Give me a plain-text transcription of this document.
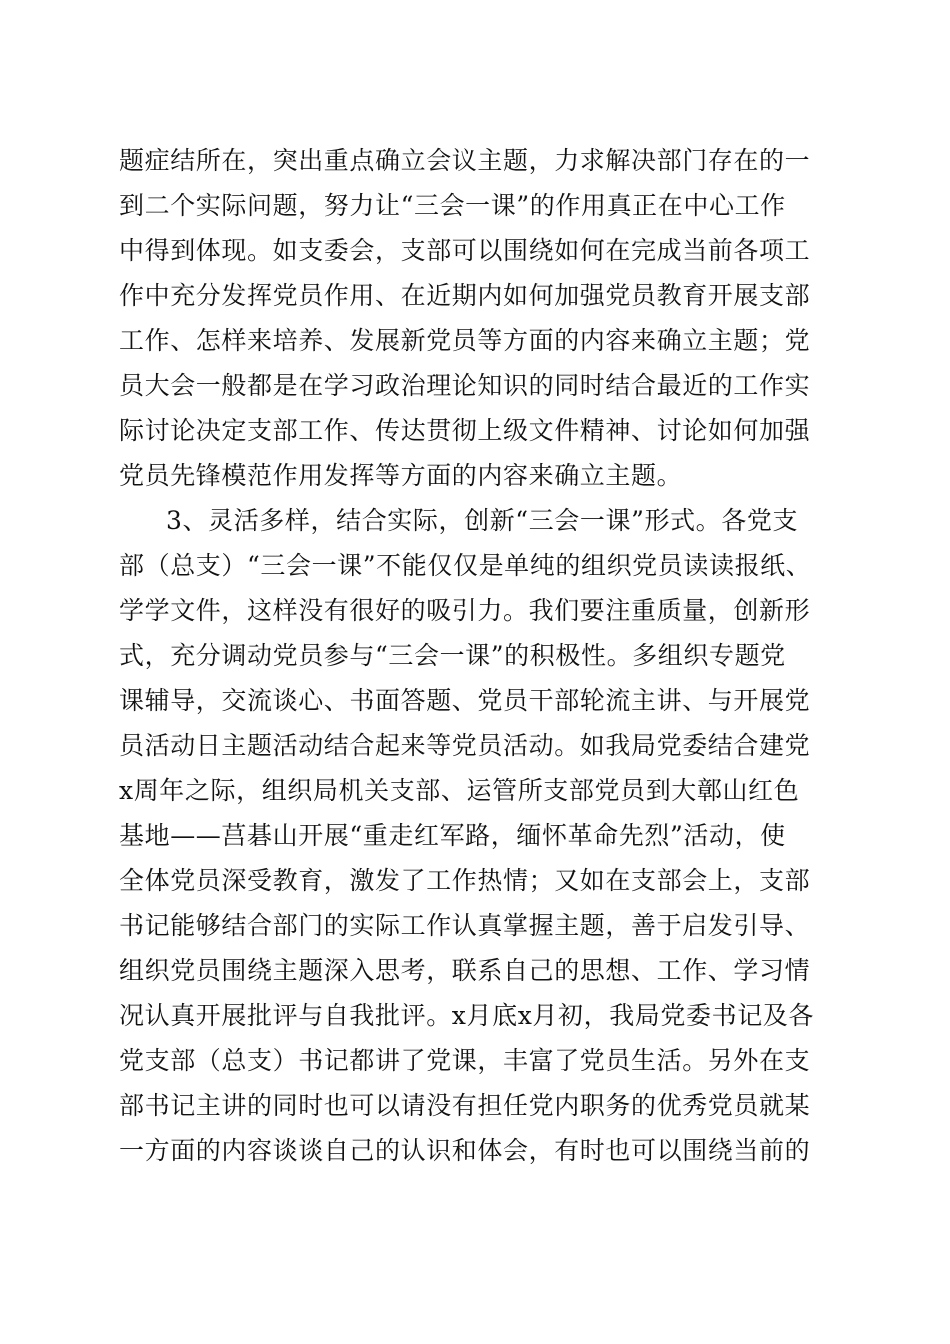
题症结所在，突出重点确立会议主题，力求解决部门存在的一
到二个实际问题，努力让“三会一课”的作用真正在中心工作
中得到体现。如支委会，支部可以围绕如何在完成当前各项工
作中充分发挥党员作用、在近期内如何加强党员教育开展支部
工作、怎样来培养、发展新党员等方面的内容来确立主题；党
员大会一般都是在学习政治理论知识的同时结合最近的工作实
际讨论决定支部工作、传达贯彻上级文件精神、讨论如何加强
党员先锋模范作用发挥等方面的内容来确立主题。
3、灵活多样，结合实际，创新“三会一课”形式。各党支
部（总支）“三会一课”不能仅仅是单纯的组织党员读读报纸、
学学文件，这样没有很好的吸引力。我们要注重质量，创新形
式，充分调动党员参与“三会一课”的积极性。多组织专题党
课辅导，交流谈心、书面答题、党员干部轮流主讲、与开展党
员活动日主题活动结合起来等党员活动。如我局党委结合建党
x周年之际，组织局机关支部、运管所支部党员到大鄣山红色
基地——莒碁山开展“重走红军路，缅怀革命先烈”活动，使
全体党员深受教育，激发了工作热情；又如在支部会上，支部
书记能够结合部门的实际工作认真掌握主题，善于启发引导、
组织党员围绕主题深入思考，联系自己的思想、工作、学习情
况认真开展批评与自我批评。x月底x月初，我局党委书记及各
党支部（总支）书记都讲了党课，丰富了党员生活。另外在支
部书记主讲的同时也可以请没有担任党内职务的优秀党员就某
一方面的内容谈谈自己的认识和体会，有时也可以围绕当前的
